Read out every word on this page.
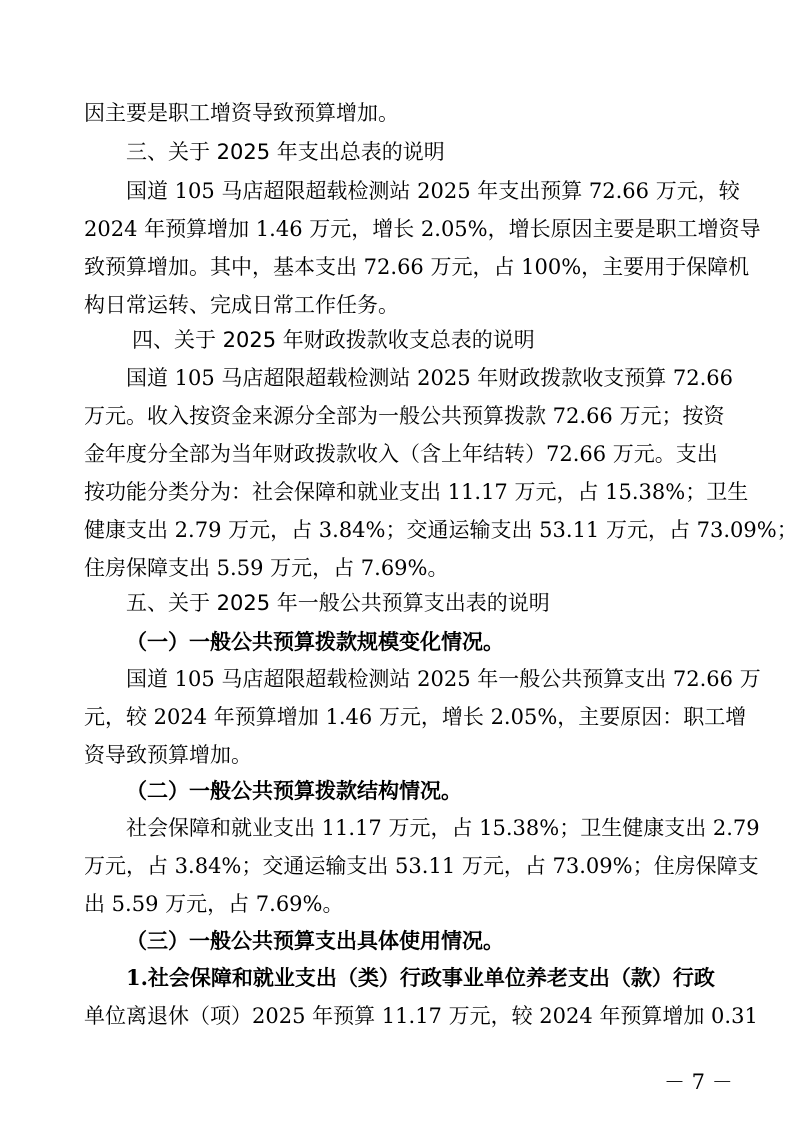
因主要是职工增资导致预算增加。
三、关于 2025 年支出总表的说明
国道 105 马店超限超载检测站 2025 年支出预算 72.66 万元，较
2024 年预算增加 1.46 万元，增长 2.05%，增长原因主要是职工增资导
致预算增加。其中，基本支出 72.66 万元，占 100%，主要用于保障机
构日常运转、完成日常工作任务。
四、关于 2025 年财政拨款收支总表的说明
国道 105 马店超限超载检测站 2025 年财政拨款收支预算 72.66
万元。收入按资金来源分全部为一般公共预算拨款 72.66 万元；按资
金年度分全部为当年财政拨款收入（含上年结转）72.66 万元。支出
按功能分类分为：社会保障和就业支出 11.17 万元，占 15.38%；卫生
健康支出 2.79 万元，占 3.84%；交通运输支出 53.11 万元，占 73.09%；
住房保障支出 5.59 万元，占 7.69%。
五、关于 2025 年一般公共预算支出表的说明
（一）一般公共预算拨款规模变化情况。
国道 105 马店超限超载检测站 2025 年一般公共预算支出 72.66 万
元，较 2024 年预算增加 1.46 万元，增长 2.05%，主要原因：职工增
资导致预算增加。
（二）一般公共预算拨款结构情况。
社会保障和就业支出 11.17 万元，占 15.38%；卫生健康支出 2.79
万元，占 3.84%；交通运输支出 53.11 万元，占 73.09%；住房保障支
出 5.59 万元，占 7.69%。
（三）一般公共预算支出具体使用情况。
1.社会保障和就业支出（类）行政事业单位养老支出（款）行政
单位离退休（项）2025 年预算 11.17 万元，较 2024 年预算增加 0.31
－ 7 －
